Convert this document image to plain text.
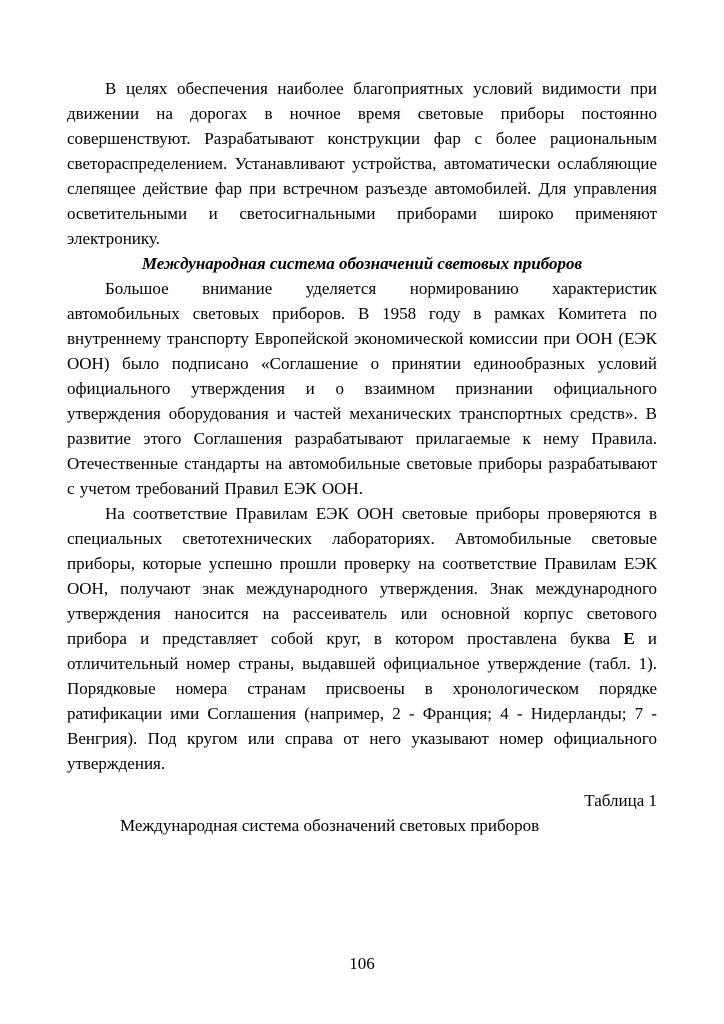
В целях обеспечения наиболее благоприятных условий видимости при движении на дорогах в ночное время световые приборы постоянно совершенствуют. Разрабатывают конструкции фар с более рациональным светораспределением. Устанавливают устройства, автоматически ослабляющие слепящее действие фар при встречном разъезде автомобилей. Для управления осветительными и светосигнальными приборами широко применяют электронику.

Международная система обозначений световых приборов

Большое внимание уделяется нормированию характеристик автомобильных световых приборов. В 1958 году в рамках Комитета по внутреннему транспорту Европейской экономической комиссии при ООН (ЕЭК ООН) было подписано «Соглашение о принятии единообразных условий официального утверждения и о взаимном признании официального утверждения оборудования и частей механических транспортных средств». В развитие этого Соглашения разрабатывают прилагаемые к нему Правила. Отечественные стандарты на автомобильные световые приборы разрабатывают с учетом требований Правил ЕЭК ООН.

На соответствие Правилам ЕЭК ООН световые приборы проверяются в специальных светотехнических лабораториях. Автомобильные световые приборы, которые успешно прошли проверку на соответствие Правилам ЕЭК ООН, получают знак международного утверждения. Знак международного утверждения наносится на рассеиватель или основной корпус светового прибора и представляет собой круг, в котором проставлена буква Е и отличительный номер страны, выдавшей официальное утверждение (табл. 1). Порядковые номера странам присвоены в хронологическом порядке ратификации ими Соглашения (например, 2 - Франция; 4 - Нидерланды; 7 - Венгрия). Под кругом или справа от него указывают номер официального утверждения.

Таблица 1

Международная система обозначений световых приборов

106
